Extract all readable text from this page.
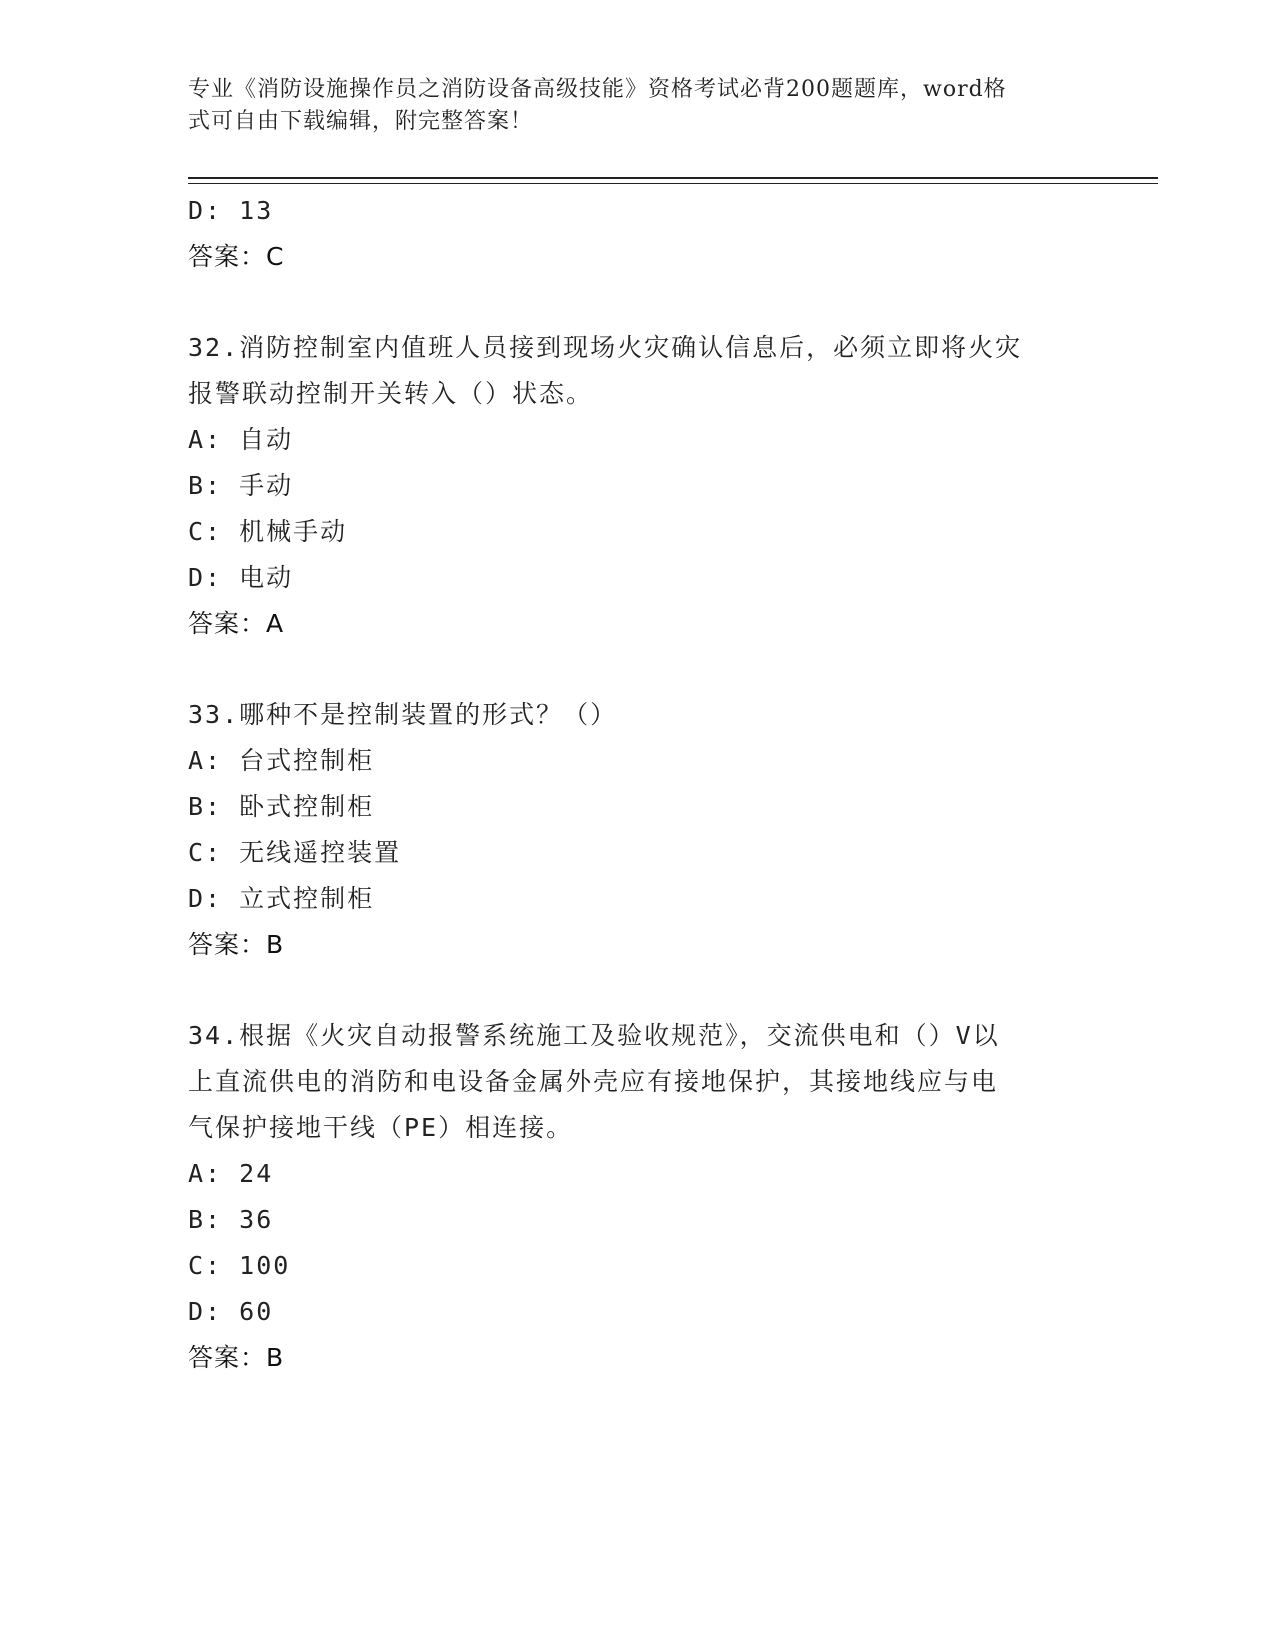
专业《消防设施操作员之消防设备高级技能》资格考试必背200题题库，word格
式可自由下载编辑，附完整答案！
D: 13
答案：C
32.消防控制室内值班人员接到现场火灾确认信息后，必须立即将火灾
报警联动控制开关转入（）状态。
A: 自动
B: 手动
C: 机械手动
D: 电动
答案：A
33.哪种不是控制装置的形式？（）
A: 台式控制柜
B: 卧式控制柜
C: 无线遥控装置
D: 立式控制柜
答案：B
34.根据《火灾自动报警系统施工及验收规范》，交流供电和（）V以
上直流供电的消防和电设备金属外壳应有接地保护，其接地线应与电
气保护接地干线（PE）相连接。
A: 24
B: 36
C: 100
D: 60
答案：B
